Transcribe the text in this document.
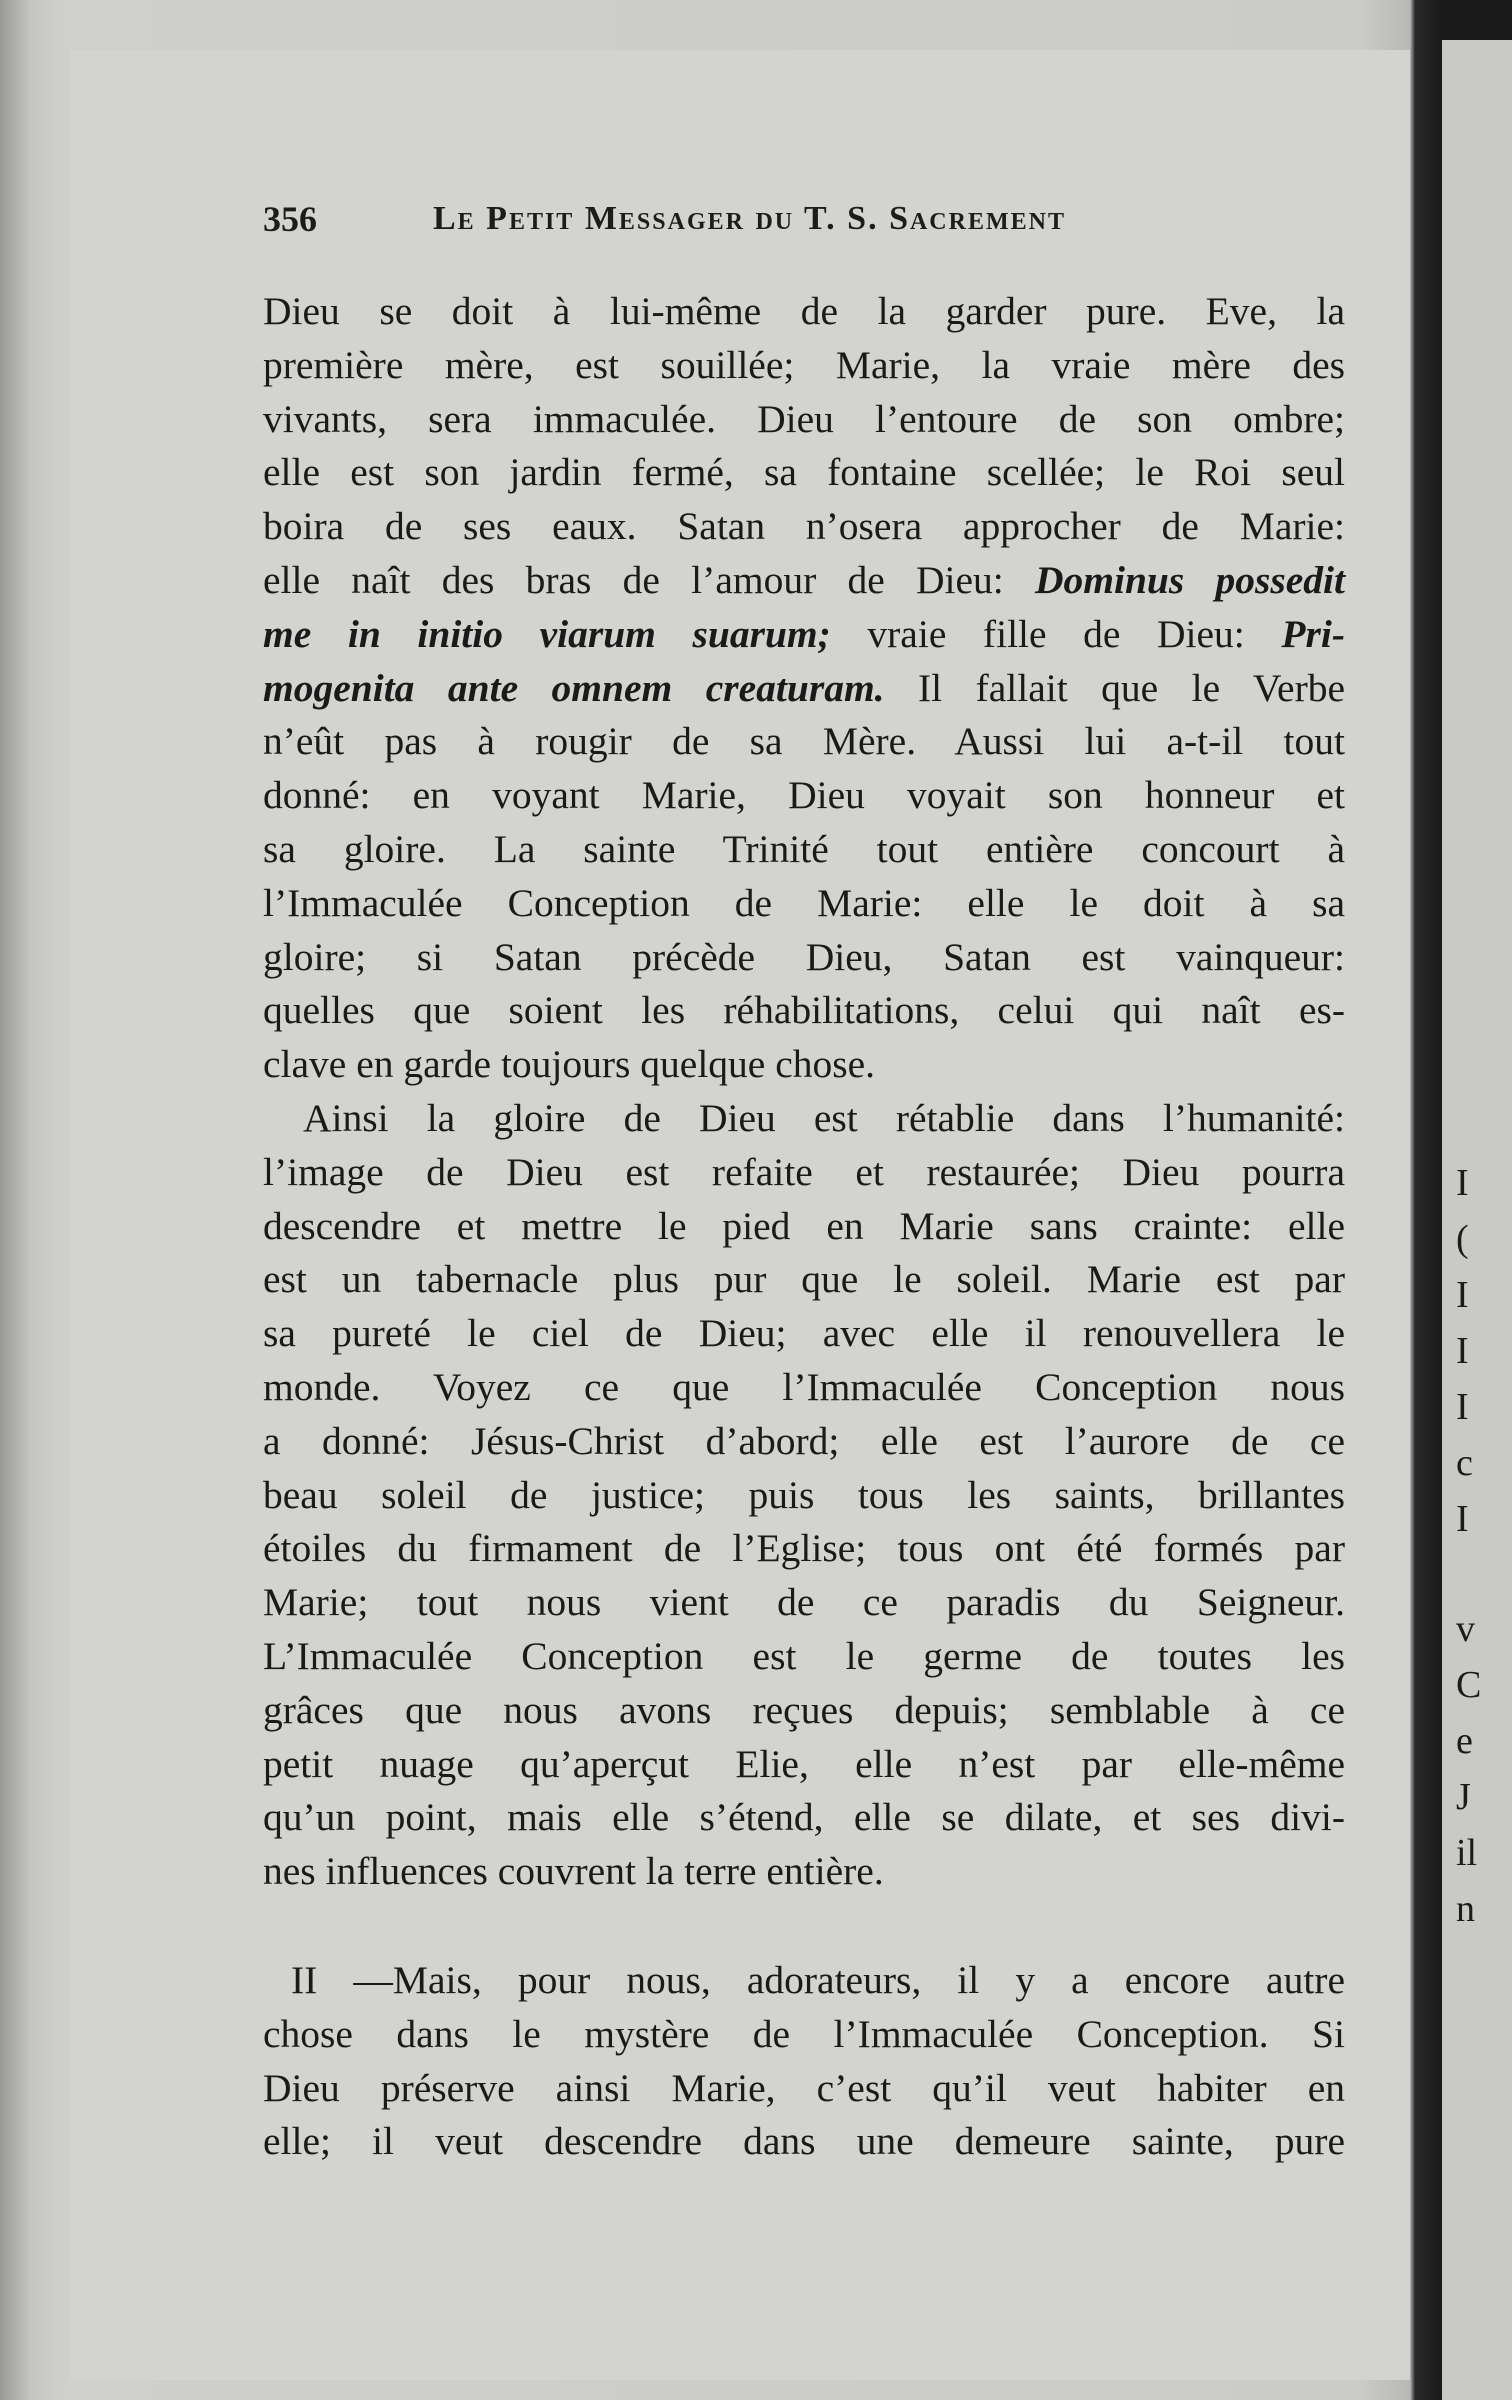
I
(
I
I
I
c
I
v
C
e
J
il
n
356	Le Petit Messager du T. S. Sacrement
Dieu se doit à lui-même de la garder pure. Eve, la
première mère, est souillée; Marie, la vraie mère des
vivants, sera immaculée. Dieu l’entoure de son ombre;
elle est son jardin fermé, sa fontaine scellée; le Roi seul
boira de ses eaux. Satan n’osera approcher de Marie:
elle naît des bras de l’amour de Dieu: Dominus possedit
me in initio viarum suarum; vraie fille de Dieu: Pri-
mogenita ante omnem creaturam. Il fallait que le Verbe
n’eût pas à rougir de sa Mère. Aussi lui a-t-il tout
donné: en voyant Marie, Dieu voyait son honneur et
sa gloire. La sainte Trinité tout entière concourt à
l’Immaculée Conception de Marie: elle le doit à sa
gloire; si Satan précède Dieu, Satan est vainqueur:
quelles que soient les réhabilitations, celui qui naît es-
clave en garde toujours quelque chose.
Ainsi la gloire de Dieu est rétablie dans l’humanité:
l’image de Dieu est refaite et restaurée; Dieu pourra
descendre et mettre le pied en Marie sans crainte: elle
est un tabernacle plus pur que le soleil. Marie est par
sa pureté le ciel de Dieu; avec elle il renouvellera le
monde. Voyez ce que l’Immaculée Conception nous
a donné: Jésus-Christ d’abord; elle est l’aurore de ce
beau soleil de justice; puis tous les saints, brillantes
étoiles du firmament de l’Eglise; tous ont été formés par
Marie; tout nous vient de ce paradis du Seigneur.
L’Immaculée Conception est le germe de toutes les
grâces que nous avons reçues depuis; semblable à ce
petit nuage qu’aperçut Elie, elle n’est par elle-même
qu’un point, mais elle s’étend, elle se dilate, et ses divi-
nes influences couvrent la terre entière.
II —Mais, pour nous, adorateurs, il y a encore autre
chose dans le mystère de l’Immaculée Conception. Si
Dieu préserve ainsi Marie, c’est qu’il veut habiter en
elle; il veut descendre dans une demeure sainte, pure
